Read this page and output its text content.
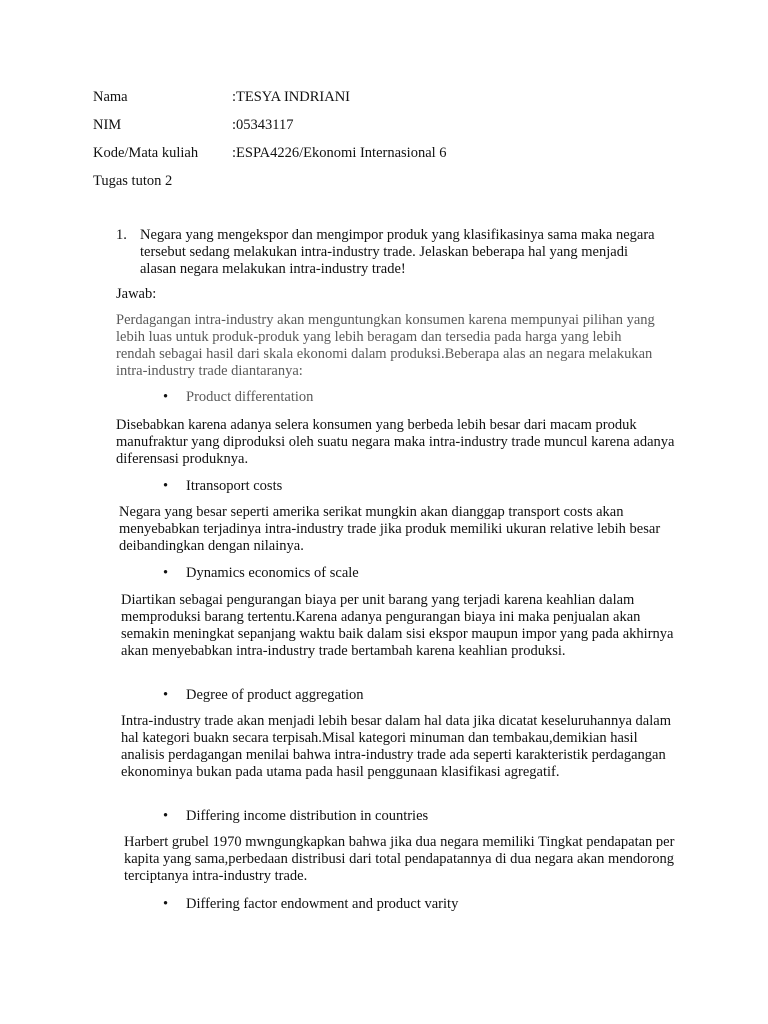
Nama	:TESYA INDRIANI
NIM	:05343117
Kode/Mata kuliah :ESPA4226/Ekonomi Internasional 6
Tugas tuton 2
1. Negara yang mengekspor dan mengimpor produk yang klasifikasinya sama maka negara tersebut sedang melakukan intra-industry trade. Jelaskan beberapa hal yang menjadi alasan negara melakukan intra-industry trade!
Jawab:
Perdagangan intra-industry akan menguntungkan konsumen karena mempunyai pilihan yang lebih luas untuk produk-produk yang lebih beragam dan tersedia pada harga yang lebih rendah sebagai hasil dari skala ekonomi dalam produksi.Beberapa alas an negara melakukan intra-industry trade diantaranya:
• Product differentation
Disebabkan karena adanya selera konsumen yang berbeda lebih besar dari macam produk manufraktur yang diproduksi oleh suatu negara maka intra-industry trade muncul karena adanya diferensasi produknya.
• Itransoport costs
Negara yang besar seperti amerika serikat mungkin akan dianggap transport costs akan menyebabkan terjadinya intra-industry trade jika produk memiliki ukuran relative lebih besar deibandingkan dengan nilainya.
• Dynamics economics of scale
Diartikan sebagai pengurangan biaya per unit barang yang terjadi karena keahlian dalam memproduksi barang tertentu.Karena adanya pengurangan biaya ini maka penjualan akan semakin meningkat sepanjang waktu baik dalam sisi ekspor maupun impor yang pada akhirnya akan menyebabkan intra-industry trade bertambah karena keahlian produksi.
• Degree of product aggregation
Intra-industry trade akan menjadi lebih besar dalam hal data jika dicatat keseluruhannya dalam hal kategori buakn secara terpisah.Misal kategori minuman dan tembakau,demikian hasil analisis perdagangan menilai bahwa intra-industry trade ada seperti karakteristik perdagangan ekonominya bukan pada utama pada hasil penggunaan klasifikasi agregatif.
• Differing income distribution in countries
Harbert grubel 1970 mwngungkapkan bahwa jika dua negara memiliki Tingkat pendapatan per kapita yang sama,perbedaan distribusi dari total pendapatannya di dua negara akan mendorong terciptanya intra-industry trade.
• Differing factor endowment and product varity
